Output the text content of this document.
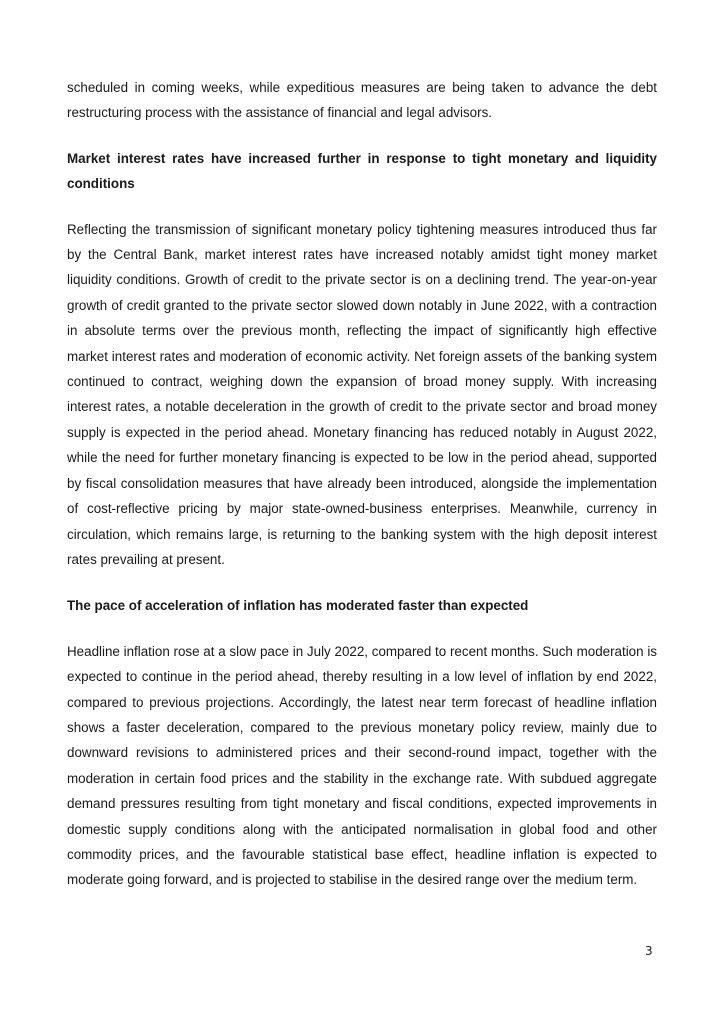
scheduled in coming weeks, while expeditious measures are being taken to advance the debt restructuring process with the assistance of financial and legal advisors.

Market interest rates have increased further in response to tight monetary and liquidity conditions

Reflecting the transmission of significant monetary policy tightening measures introduced thus far by the Central Bank, market interest rates have increased notably amidst tight money market liquidity conditions. Growth of credit to the private sector is on a declining trend. The year-on-year growth of credit granted to the private sector slowed down notably in June 2022, with a contraction in absolute terms over the previous month, reflecting the impact of significantly high effective market interest rates and moderation of economic activity. Net foreign assets of the banking system continued to contract, weighing down the expansion of broad money supply. With increasing interest rates, a notable deceleration in the growth of credit to the private sector and broad money supply is expected in the period ahead. Monetary financing has reduced notably in August 2022, while the need for further monetary financing is expected to be low in the period ahead, supported by fiscal consolidation measures that have already been introduced, alongside the implementation of cost-reflective pricing by major state-owned-business enterprises. Meanwhile, currency in circulation, which remains large, is returning to the banking system with the high deposit interest rates prevailing at present.

The pace of acceleration of inflation has moderated faster than expected

Headline inflation rose at a slow pace in July 2022, compared to recent months. Such moderation is expected to continue in the period ahead, thereby resulting in a low level of inflation by end 2022, compared to previous projections. Accordingly, the latest near term forecast of headline inflation shows a faster deceleration, compared to the previous monetary policy review, mainly due to downward revisions to administered prices and their second-round impact, together with the moderation in certain food prices and the stability in the exchange rate. With subdued aggregate demand pressures resulting from tight monetary and fiscal conditions, expected improvements in domestic supply conditions along with the anticipated normalisation in global food and other commodity prices, and the favourable statistical base effect, headline inflation is expected to moderate going forward, and is projected to stabilise in the desired range over the medium term.

3
